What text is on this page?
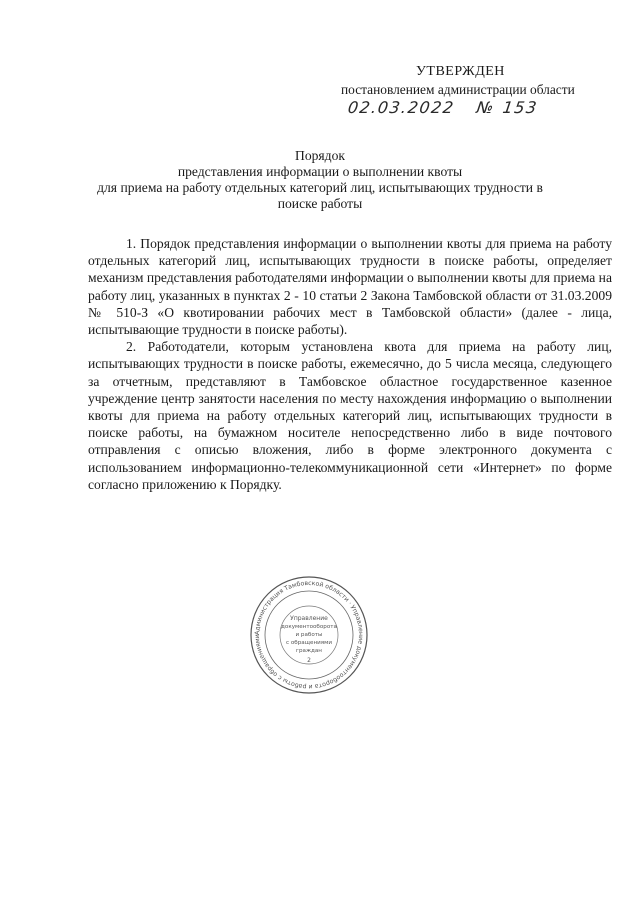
УТВЕРЖДЕН
постановлением администрации области
02.03.2022 № 153
Порядок
представления информации о выполнении квоты
для приема на работу отдельных категорий лиц, испытывающих трудности в
поиске работы

1. Порядок представления информации о выполнении квоты для приема на работу отдельных категорий лиц, испытывающих трудности в поиске работы, определяет механизм представления работодателями информации о выполнении квоты для приема на работу лиц, указанных в пунктах 2 - 10 статьи 2 Закона Тамбовской области от 31.03.2009 № 510-З «О квотировании рабочих мест в Тамбовской области» (далее - лица, испытывающие трудности в поиске работы).

2. Работодатели, которым установлена квота для приема на работу лиц, испытывающих трудности в поиске работы, ежемесячно, до 5 числа месяца, следующего за отчетным, представляют в Тамбовское областное государственное казенное учреждение центр занятости населения по месту нахождения информацию о выполнении квоты для приема на работу отдельных категорий лиц, испытывающих трудности в поиске работы, на бумажном носителе непосредственно либо в виде почтового отправления с описью вложения, либо в форме электронного документа с использованием информационно-телекоммуникационной сети «Интернет» по форме согласно приложению к Порядку.

Администрация Тамбовской области · Управление документооборота и работы с обращениями
Управление
документооборота
и работы
с обращениями
граждан
2
